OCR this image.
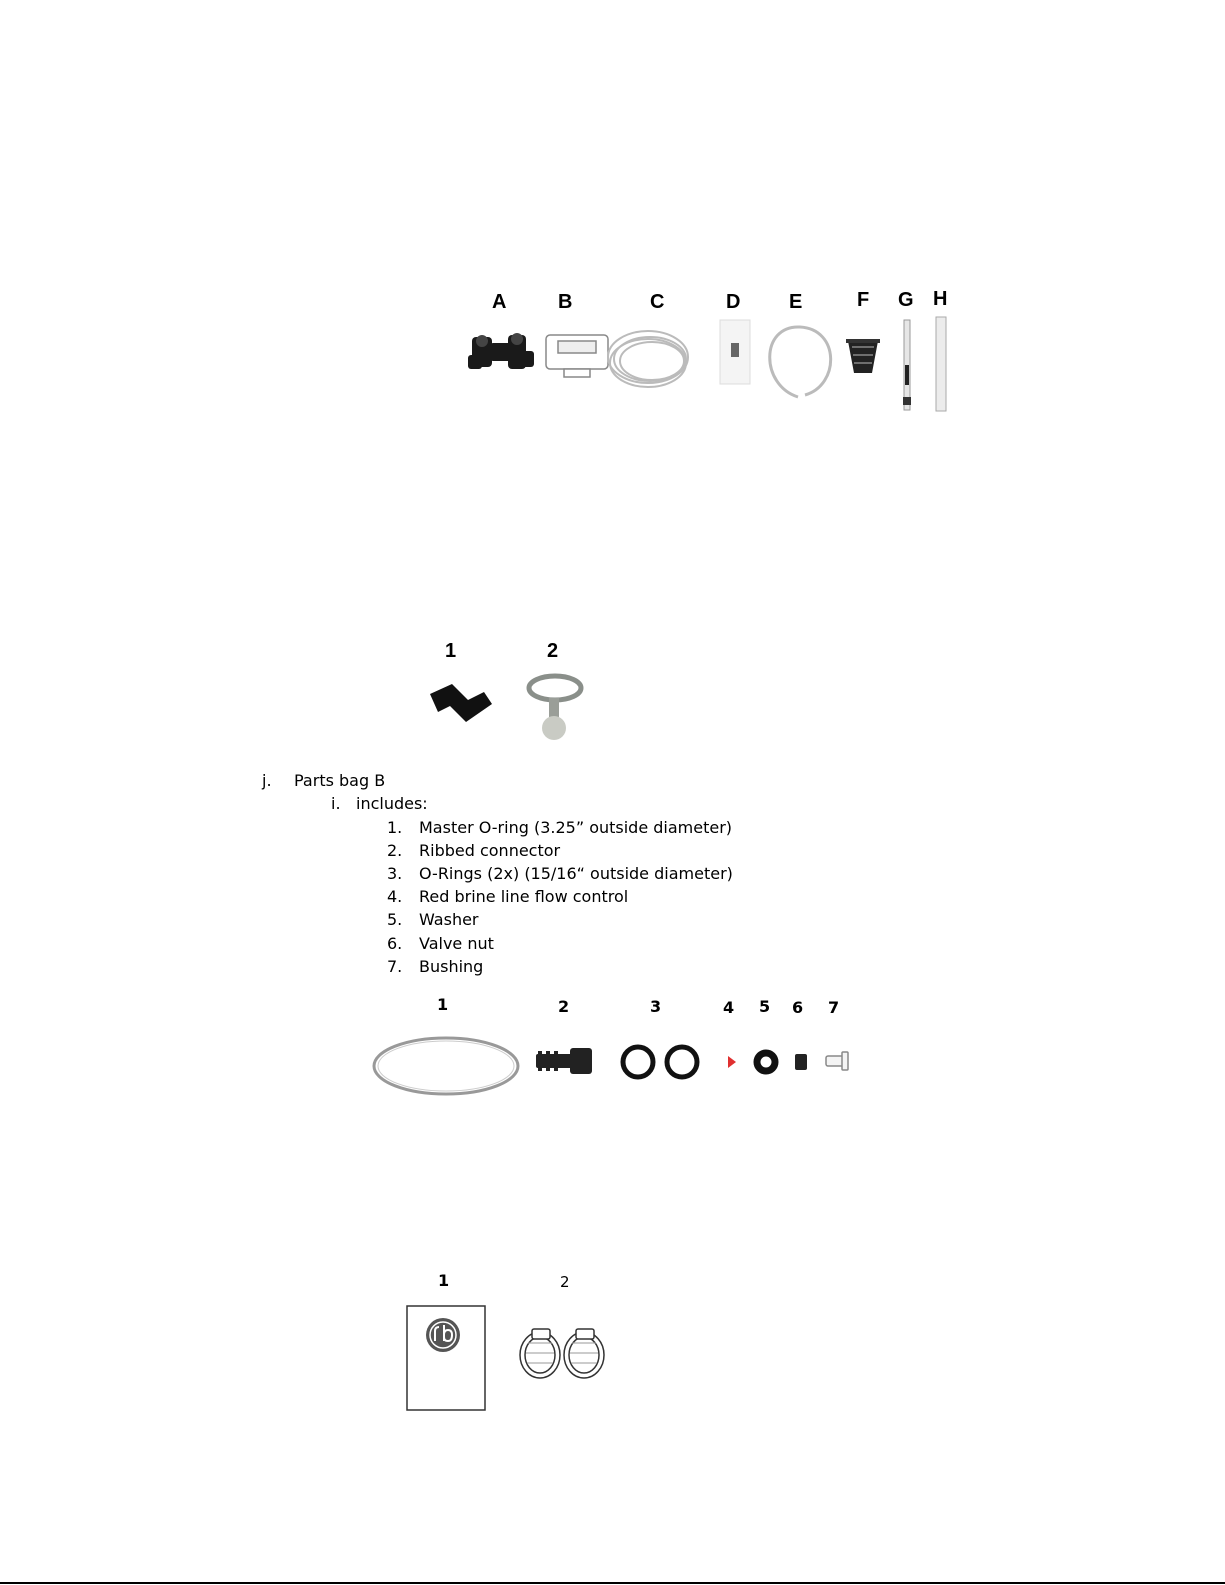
A	B	C	D E	F G H
1	2
j. Parts bag B
i. includes:
1. Master O-ring (3.25” outside diameter)
2. Ribbed connector
3. O-Rings (2x) (15/16“ outside diameter)
4. Red brine line flow control
5. Washer
6. Valve nut
7. Bushing
1	2	3	4 5 6 7
1	2
